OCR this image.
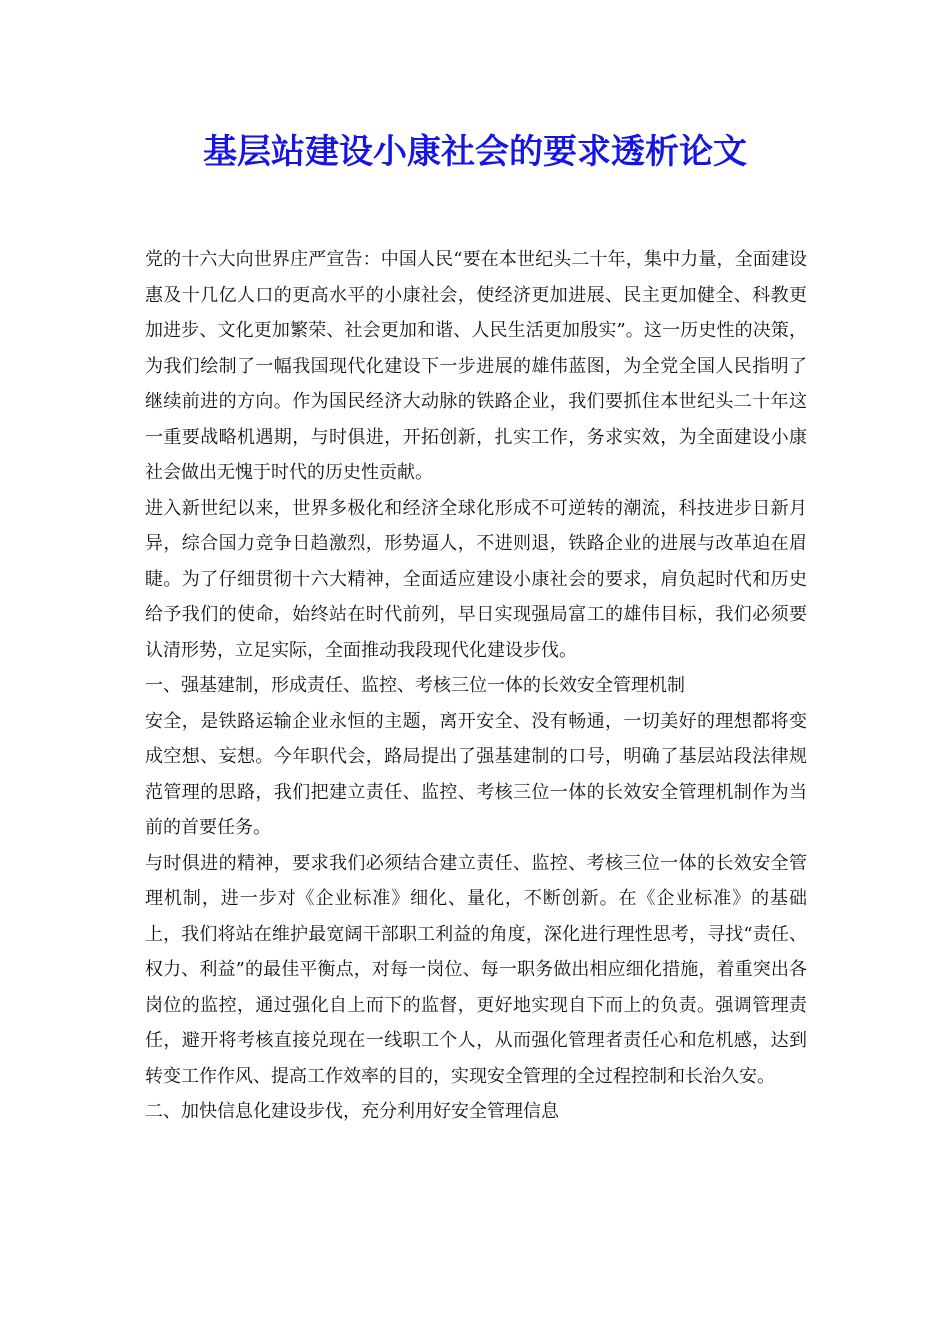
基层站建设小康社会的要求透析论文

党的十六大向世界庄严宣告：中国人民“要在本世纪头二十年，集中力量，全面建设惠及十几亿人口的更高水平的小康社会，使经济更加进展、民主更加健全、科教更加进步、文化更加繁荣、社会更加和谐、人民生活更加殷实”。这一历史性的决策，为我们绘制了一幅我国现代化建设下一步进展的雄伟蓝图，为全党全国人民指明了继续前进的方向。作为国民经济大动脉的铁路企业，我们要抓住本世纪头二十年这一重要战略机遇期，与时俱进，开拓创新，扎实工作，务求实效，为全面建设小康社会做出无愧于时代的历史性贡献。

进入新世纪以来，世界多极化和经济全球化形成不可逆转的潮流，科技进步日新月异，综合国力竞争日趋激烈，形势逼人，不进则退，铁路企业的进展与改革迫在眉睫。为了仔细贯彻十六大精神，全面适应建设小康社会的要求，肩负起时代和历史给予我们的使命，始终站在时代前列，早日实现强局富工的雄伟目标，我们必须要认清形势，立足实际，全面推动我段现代化建设步伐。

一、强基建制，形成责任、监控、考核三位一体的长效安全管理机制

安全，是铁路运输企业永恒的主题，离开安全、没有畅通，一切美好的理想都将变成空想、妄想。今年职代会，路局提出了强基建制的口号，明确了基层站段法律规范管理的思路，我们把建立责任、监控、考核三位一体的长效安全管理机制作为当前的首要任务。

与时俱进的精神，要求我们必须结合建立责任、监控、考核三位一体的长效安全管理机制，进一步对《企业标准》细化、量化，不断创新。在《企业标准》的基础上，我们将站在维护最宽阔干部职工利益的角度，深化进行理性思考，寻找“责任、权力、利益”的最佳平衡点，对每一岗位、每一职务做出相应细化措施，着重突出各岗位的监控，通过强化自上而下的监督，更好地实现自下而上的负责。强调管理责任，避开将考核直接兑现在一线职工个人，从而强化管理者责任心和危机感，达到转变工作作风、提高工作效率的目的，实现安全管理的全过程控制和长治久安。

二、加快信息化建设步伐，充分利用好安全管理信息
